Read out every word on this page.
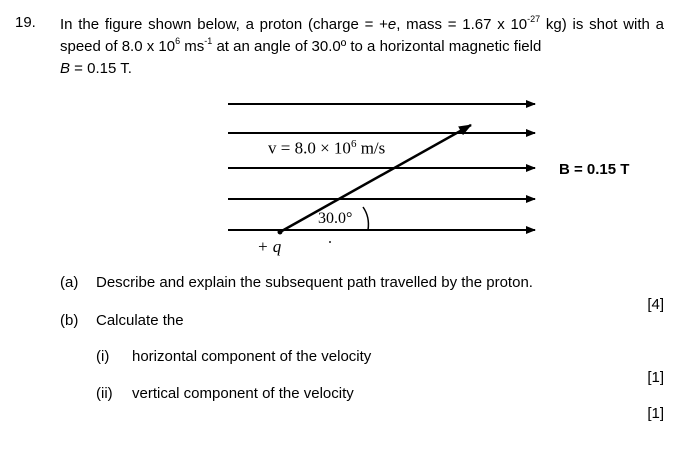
19. In the figure shown below, a proton (charge = +e, mass = 1.67 x $10^{-27}$ kg) is shot with a speed of 8.0 x $10^6$ $ms^{-1}$ at an angle of 30.0º to a horizontal magnetic field
B = 0.15 T.
$v = 8.0 \times 10^6$ m/s
30.0°
+ q
B = 0.15 T
(a) Describe and explain the subsequent path travelled by the proton.
[4]
(b) Calculate the
(i) horizontal component of the velocity
[1]
(ii) vertical component of the velocity
[1]
